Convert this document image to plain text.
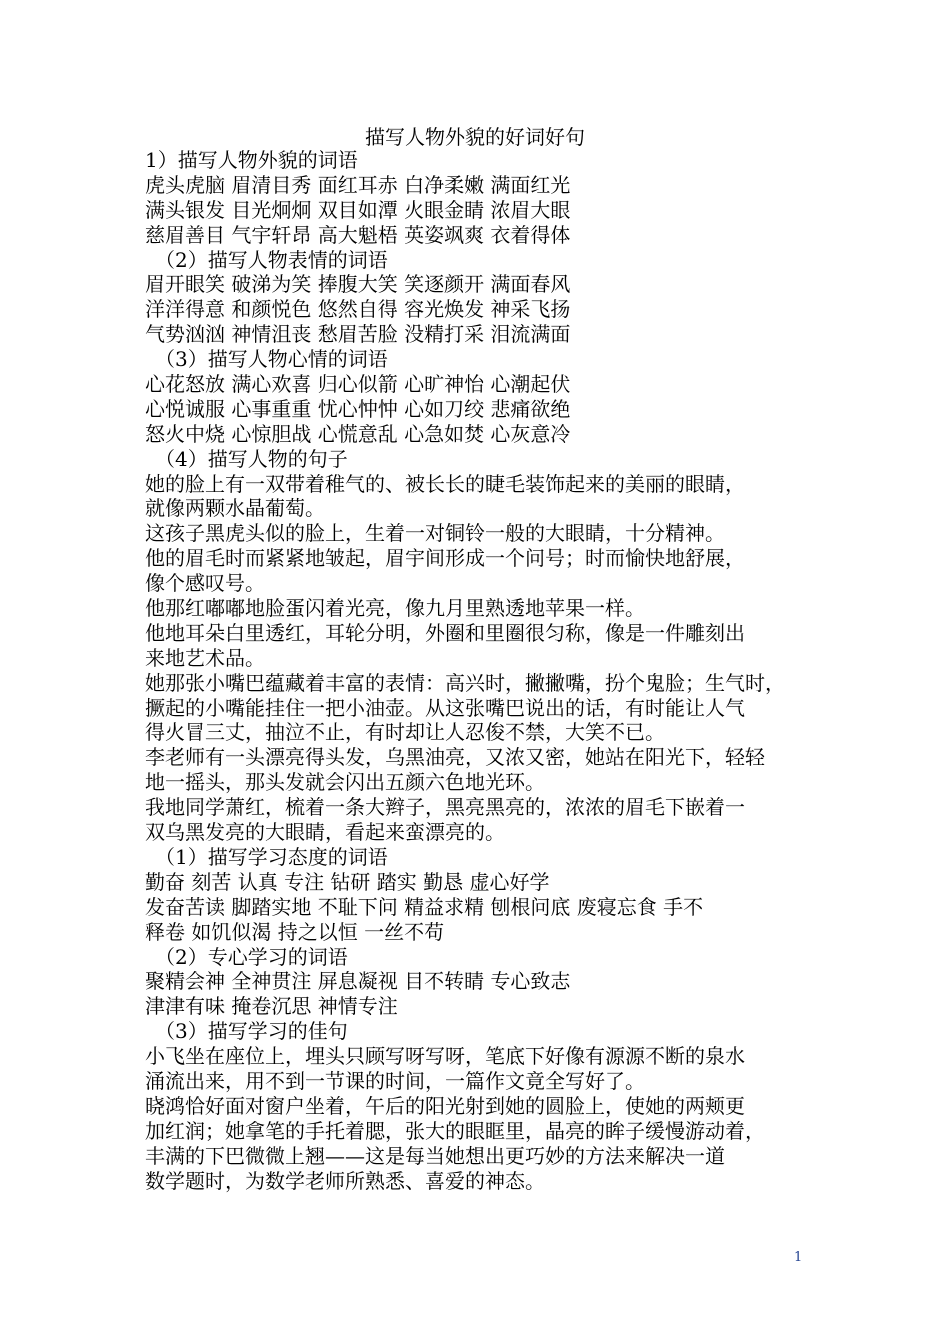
描写人物外貌的好词好句
1）描写人物外貌的词语
虎头虎脑 眉清目秀 面红耳赤 白净柔嫩 满面红光
满头银发 目光炯炯 双目如潭 火眼金睛 浓眉大眼
慈眉善目 气宇轩昂 高大魁梧 英姿飒爽 衣着得体
（2）描写人物表情的词语
眉开眼笑 破涕为笑 捧腹大笑 笑逐颜开 满面春风
洋洋得意 和颜悦色 悠然自得 容光焕发 神采飞扬
气势汹汹 神情沮丧 愁眉苦脸 没精打采 泪流满面
（3）描写人物心情的词语
心花怒放 满心欢喜 归心似箭 心旷神怡 心潮起伏
心悦诚服 心事重重 忧心忡忡 心如刀绞 悲痛欲绝
怒火中烧 心惊胆战 心慌意乱 心急如焚 心灰意冷
（4）描写人物的句子
她的脸上有一双带着稚气的、被长长的睫毛装饰起来的美丽的眼睛，
就像两颗水晶葡萄。
这孩子黑虎头似的脸上，生着一对铜铃一般的大眼睛，十分精神。
他的眉毛时而紧紧地皱起，眉宇间形成一个问号；时而愉快地舒展，
像个感叹号。
他那红嘟嘟地脸蛋闪着光亮，像九月里熟透地苹果一样。
他地耳朵白里透红，耳轮分明，外圈和里圈很匀称，像是一件雕刻出
来地艺术品。
她那张小嘴巴蕴藏着丰富的表情：高兴时，撇撇嘴，扮个鬼脸；生气时，
撅起的小嘴能挂住一把小油壶。从这张嘴巴说出的话，有时能让人气
得火冒三丈，抽泣不止，有时却让人忍俊不禁，大笑不已。
李老师有一头漂亮得头发，乌黑油亮，又浓又密，她站在阳光下，轻轻
地一摇头，那头发就会闪出五颜六色地光环。
我地同学萧红，梳着一条大辫子，黑亮黑亮的，浓浓的眉毛下嵌着一
双乌黑发亮的大眼睛，看起来蛮漂亮的。
（1）描写学习态度的词语
勤奋 刻苦 认真 专注 钻研 踏实 勤恳 虚心好学
发奋苦读 脚踏实地 不耻下问 精益求精 刨根问底 废寝忘食 手不
释卷 如饥似渴 持之以恒 一丝不苟
（2）专心学习的词语
聚精会神 全神贯注 屏息凝视 目不转睛 专心致志
津津有味 掩卷沉思 神情专注
（3）描写学习的佳句
小飞坐在座位上，埋头只顾写呀写呀，笔底下好像有源源不断的泉水
涌流出来，用不到一节课的时间，一篇作文竟全写好了。
晓鸿恰好面对窗户坐着，午后的阳光射到她的圆脸上，使她的两颊更
加红润；她拿笔的手托着腮，张大的眼眶里，晶亮的眸子缓慢游动着，
丰满的下巴微微上翘——这是每当她想出更巧妙的方法来解决一道
数学题时，为数学老师所熟悉、喜爱的神态。
1
